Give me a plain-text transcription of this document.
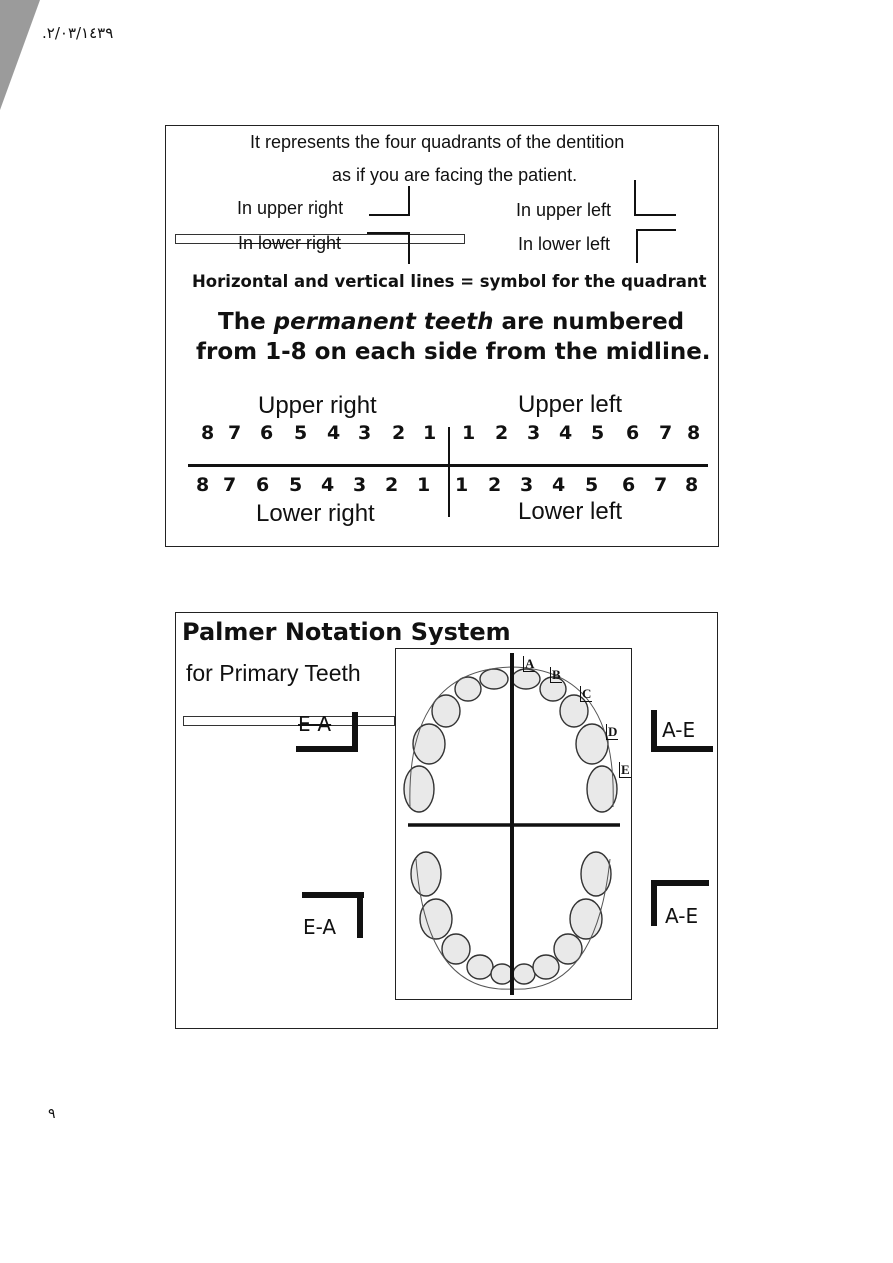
.٢/٠٣/١٤٣٩
٩
It represents the four quadrants of the dentition
as if you are facing the patient.
In upper right	In upper left
In lower right	In lower left
Horizontal and vertical lines = symbol for the quadrant
The permanent teeth are numbered
from 1-8 on each side from the midline.
Upper right	Upper left
8 7 6 5 4 3 2 1 1 2 3 4 5 6 7 8
8 7 6 5 4 3 2 1 1 2 3 4 5 6 7 8
Lower right	Lower left
Palmer Notation System
for Primary Teeth	A
B
C
D
E
E-A	A-E
E-A	A-E
